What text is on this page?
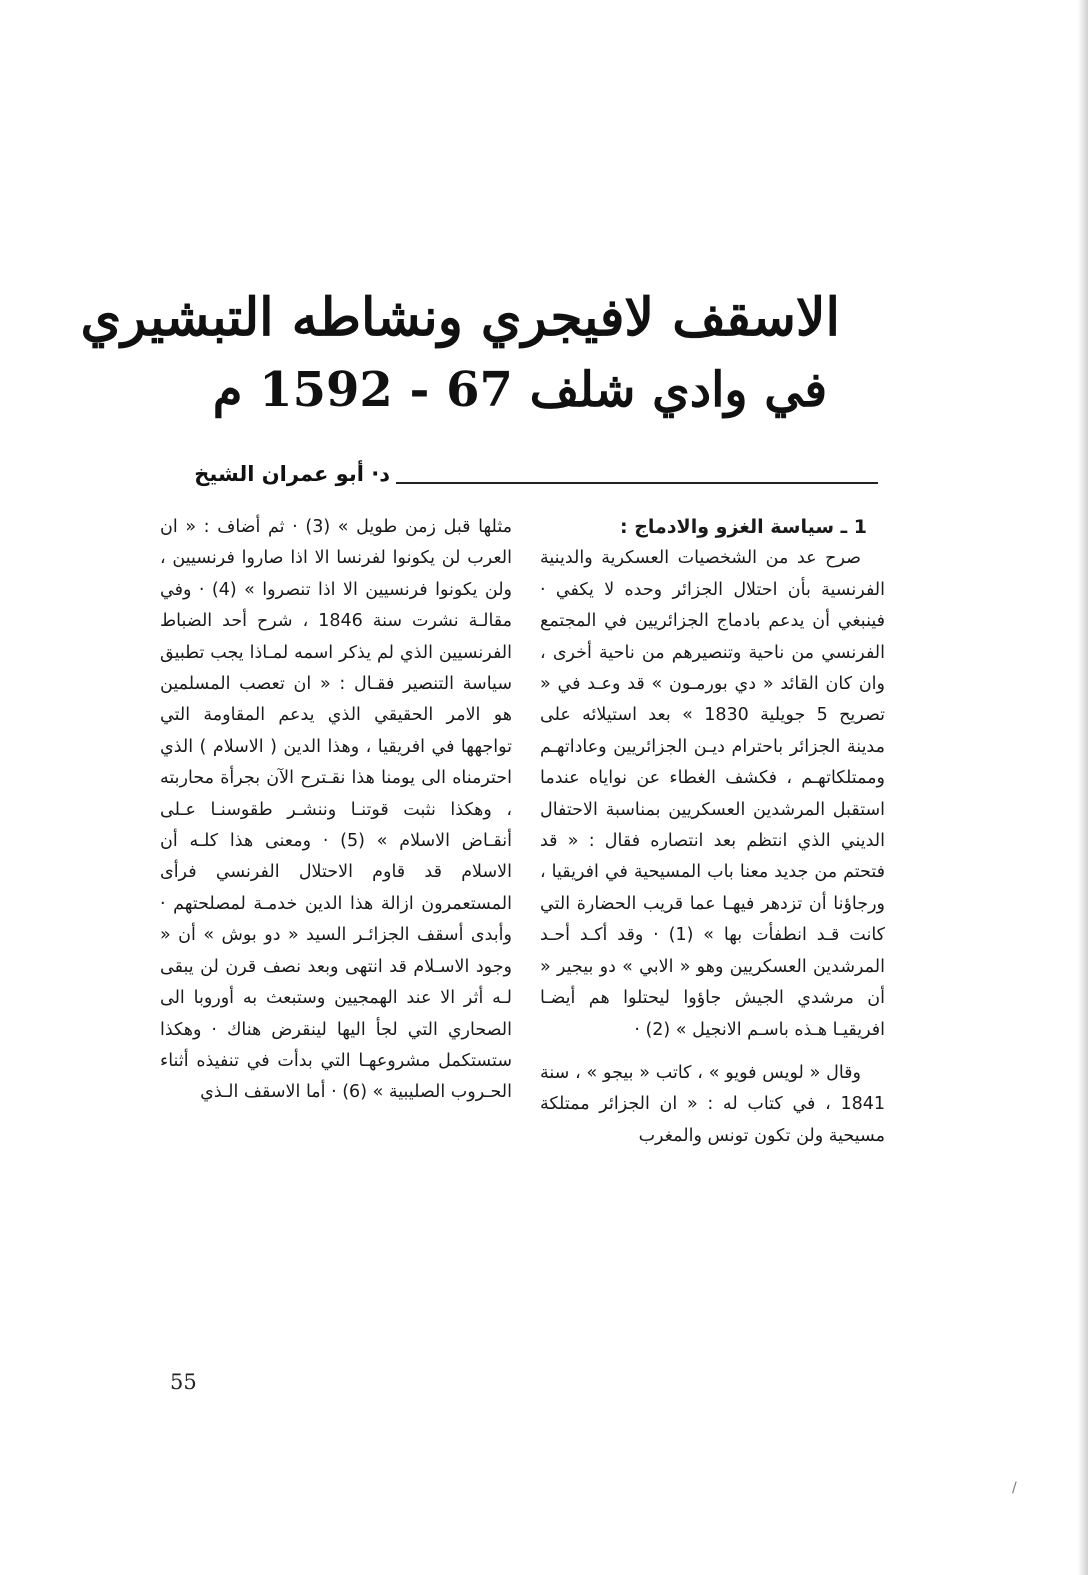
الاسقف لافيجري ونشاطه التبشيري
في وادي شلف 67 - 1592 م
د· أبو عمران الشيخ

1 ـ سياسة الغزو والادماج :

صرح عد من الشخصيات العسكرية والدينية الفرنسية بأن احتلال الجزائر وحده لا يكفي · فينبغي أن يدعم بادماج الجزائريين في المجتمع الفرنسي من ناحية وتنصيرهم من ناحية أخرى ، وان كان القائد « دي بورمـون » قد وعـد في « تصريح 5 جويلية 1830 » بعد استيلائه على مدينة الجزائر باحترام ديـن الجزائريين وعاداتهـم وممتلكاتهـم ، فكشف الغطاء عن نواياه عندما استقبل المرشدين العسكريين بمناسبة الاحتفال الديني الذي انتظم بعد انتصاره فقال : « قد فتحتم من جديد معنا باب المسيحية في افريقيا ، ورجاؤنا أن تزدهر فيهـا عما قريب الحضارة التي كانت قـد انطفأت بها » (1) · وقد أكـد أحـد المرشدين العسكريين وهو « الابي » دو بيجير « أن مرشدي الجيش جاؤوا ليحتلوا هم أيضـا افريقيـا هـذه باسـم الانجيل » (2) ·

وقال « لويس فويو » ، كاتب « بيجو » ، سنة 1841 ، في كتاب له : « ان الجزائر ممتلكة مسيحية ولن تكون تونس والمغرب

مثلها قبل زمن طويل » (3) · ثم أضاف : « ان العرب لن يكونوا لفرنسا الا اذا صاروا فرنسيين ، ولن يكونوا فرنسيين الا اذا تنصروا » (4) · وفي مقالـة نشرت سنة 1846 ، شرح أحد الضباط الفرنسيين الذي لم يذكر اسمه لمـاذا يجب تطبيق سياسة التنصير فقـال : « ان تعصب المسلمين هو الامر الحقيقي الذي يدعم المقاومة التي تواجهها في افريقيا ، وهذا الدين ( الاسلام ) الذي احترمناه الى يومنا هذا نقـترح الآن بجرأة محاربته ، وهكذا نثبت قوتنـا وننشـر طقوسنـا عـلى أنقـاض الاسلام » (5) · ومعنى هذا كلـه أن الاسلام قد قاوم الاحتلال الفرنسي فرأى المستعمرون ازالة هذا الدين خدمـة لمصلحتهم · وأبدى أسقف الجزائـر السيد « دو بوش » أن « وجود الاسـلام قد انتهى وبعد نصف قرن لن يبقى لـه أثر الا عند الهمجيين وستبعث به أوروبا الى الصحاري التي لجأ اليها لينقرض هناك · وهكذا ستستكمل مشروعهـا التي بدأت في تنفيذه أثناء الحـروب الصليبية » (6) · أما الاسقف الـذي

55
/
